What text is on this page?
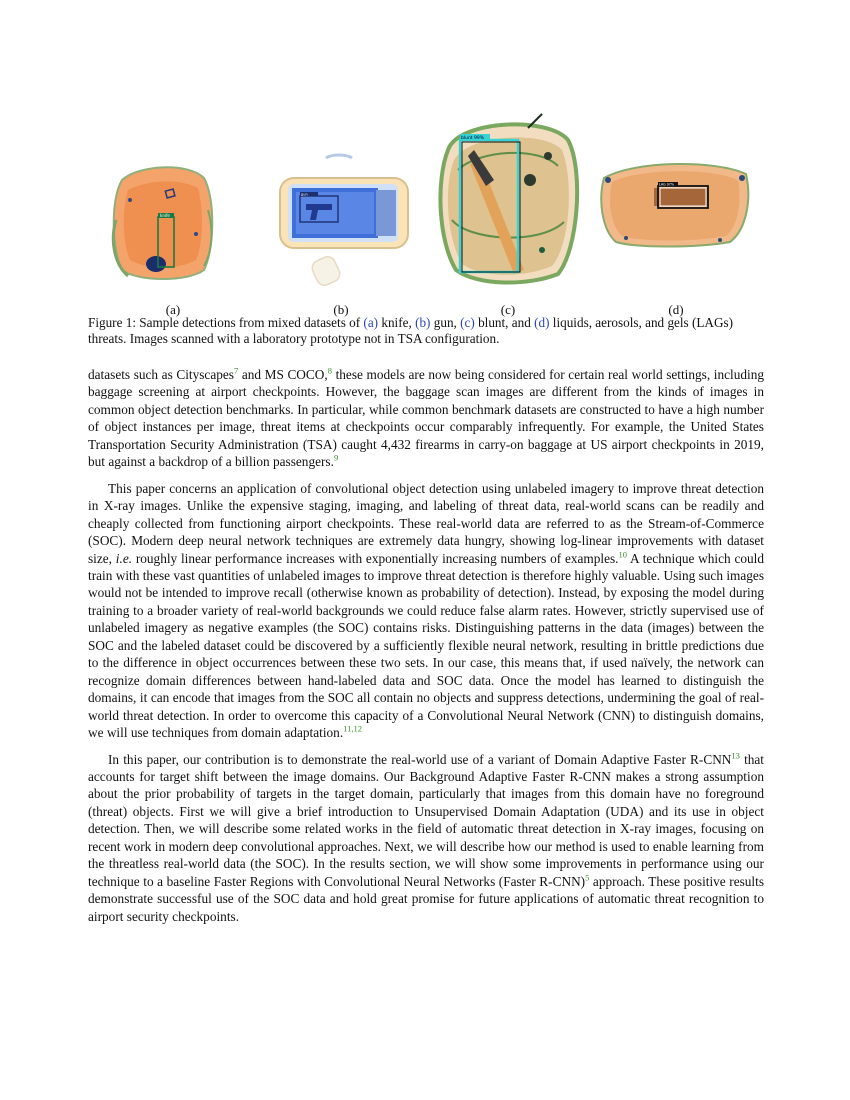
knife
gun
blunt 99%
LAG 97%
(a)	(b)	(c)	(d)
Figure 1: Sample detections from mixed datasets of (a) knife, (b) gun, (c) blunt, and (d) liquids, aerosols, and gels (LAGs) threats. Images scanned with a laboratory prototype not in TSA configuration.

datasets such as Cityscapes$^7$ and MS COCO,$^8$ these models are now being considered for certain real world settings, including baggage screening at airport checkpoints. However, the baggage scan images are different from the kinds of images in common object detection benchmarks. In particular, while common benchmark datasets are constructed to have a high number of object instances per image, threat items at checkpoints occur comparably infrequently. For example, the United States Transportation Security Administration (TSA) caught 4,432 firearms in carry-on baggage at US airport checkpoints in 2019, but against a backdrop of a billion passengers.$^9$

This paper concerns an application of convolutional object detection using unlabeled imagery to improve threat detection in X-ray images. Unlike the expensive staging, imaging, and labeling of threat data, real-world scans can be readily and cheaply collected from functioning airport checkpoints. These real-world data are referred to as the Stream-of-Commerce (SOC). Modern deep neural network techniques are extremely data hungry, showing log-linear improvements with dataset size, i.e. roughly linear performance increases with exponentially increasing numbers of examples.$^{10}$ A technique which could train with these vast quantities of unlabeled images to improve threat detection is therefore highly valuable. Using such images would not be intended to improve recall (otherwise known as probability of detection). Instead, by exposing the model during training to a broader variety of real-world backgrounds we could reduce false alarm rates. However, strictly supervised use of unlabeled imagery as negative examples (the SOC) contains risks. Distinguishing patterns in the data (images) between the SOC and the labeled dataset could be discovered by a sufficiently flexible neural network, resulting in brittle predictions due to the difference in object occurrences between these two sets. In our case, this means that, if used naïvely, the network can recognize domain differences between hand-labeled data and SOC data. Once the model has learned to distinguish the domains, it can encode that images from the SOC all contain no objects and suppress detections, undermining the goal of real-world threat detection. In order to overcome this capacity of a Convolutional Neural Network (CNN) to distinguish domains, we will use techniques from domain adaptation.$^{11,12}$

In this paper, our contribution is to demonstrate the real-world use of a variant of Domain Adaptive Faster R-CNN$^{13}$ that accounts for target shift between the image domains. Our Background Adaptive Faster R-CNN makes a strong assumption about the prior probability of targets in the target domain, particularly that images from this domain have no foreground (threat) objects. First we will give a brief introduction to Unsupervised Domain Adaptation (UDA) and its use in object detection. Then, we will describe some related works in the field of automatic threat detection in X-ray images, focusing on recent work in modern deep convolutional approaches. Next, we will describe how our method is used to enable learning from the threatless real-world data (the SOC). In the results section, we will show some improvements in performance using our technique to a baseline Faster Regions with Convolutional Neural Networks (Faster R-CNN)$^5$ approach. These positive results demonstrate successful use of the SOC data and hold great promise for future applications of automatic threat recognition to airport security checkpoints.
